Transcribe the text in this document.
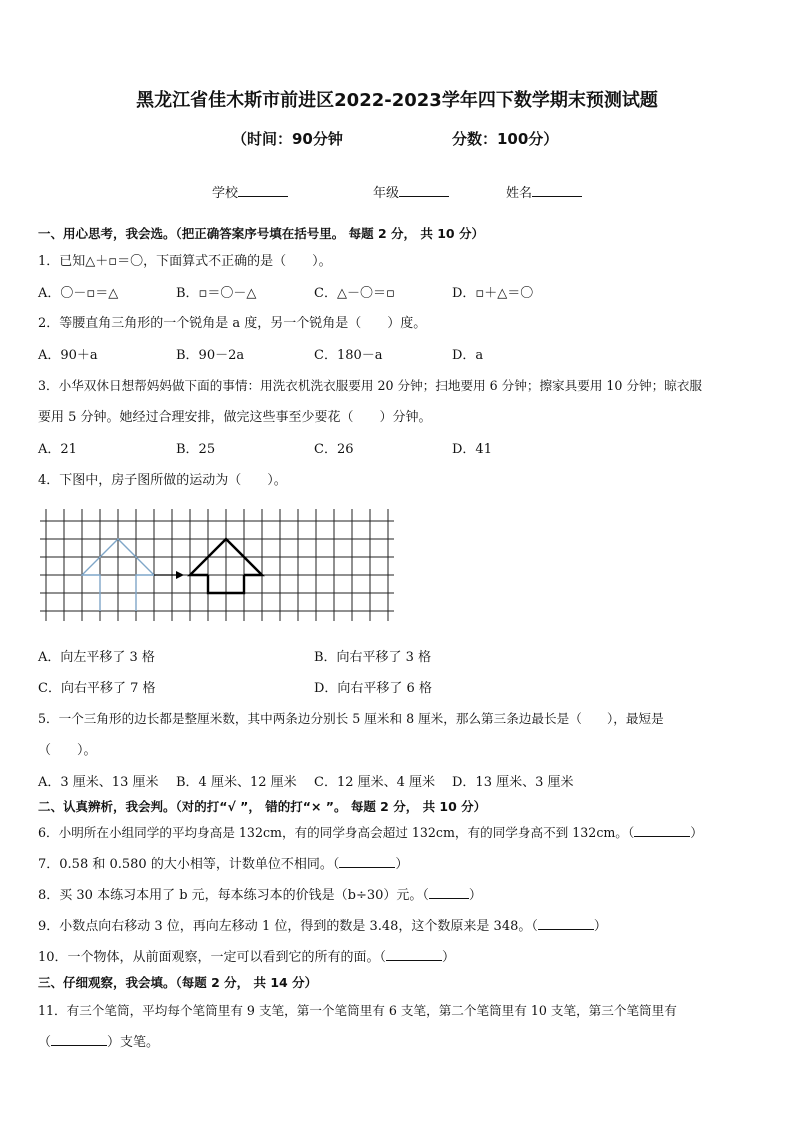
黑龙江省佳木斯市前进区2022-2023学年四下数学期末预测试题
（时间：90分钟	分数：100分）
学校	年级	姓名
一、用心思考，我会选。（把正确答案序号填在括号里。 每题 2 分， 共 10 分）
1．已知△＋▫＝〇，下面算式不正确的是（　　）。
A．〇－▫＝△	B．▫＝〇－△	C．△－〇＝▫	D．▫＋△＝〇
2．等腰直角三角形的一个锐角是 a 度，另一个锐角是（　　）度。
A．90＋a	B．90－2a	C．180－a	D．a
3．小华双休日想帮妈妈做下面的事情：用洗衣机洗衣服要用 20 分钟；扫地要用 6 分钟；擦家具要用 10 分钟；晾衣服
要用 5 分钟。她经过合理安排，做完这些事至少要花（　　）分钟。
A．21	B．25	C．26	D．41
4．下图中，房子图所做的运动为（　　）。
A．向左平移了 3 格	B．向右平移了 3 格
C．向右平移了 7 格	D．向右平移了 6 格
5．一个三角形的边长都是整厘米数，其中两条边分别长 5 厘米和 8 厘米，那么第三条边最长是（　　），最短是
（　　）。
A．3 厘米、13 厘米 B．4 厘米、12 厘米 C．12 厘米、4 厘米 D．13 厘米、3 厘米
二、认真辨析，我会判。（对的打“√ ”， 错的打“× ”。 每题 2 分， 共 10 分）
6．小明所在小组同学的平均身高是 132cm，有的同学身高会超过 132cm，有的同学身高不到 132cm。（	）
7．0.58 和 0.580 的大小相等，计数单位不相同。（	）
8．买 30 本练习本用了 b 元，每本练习本的价钱是（b÷30）元。（	）
9．小数点向右移动 3 位，再向左移动 1 位，得到的数是 3.48，这个数原来是 348。（	）
10．一个物体，从前面观察，一定可以看到它的所有的面。（	）
三、仔细观察，我会填。（每题 2 分， 共 14 分）
11．有三个笔筒，平均每个笔筒里有 9 支笔，第一个笔筒里有 6 支笔，第二个笔筒里有 10 支笔，第三个笔筒里有
（	）支笔。
